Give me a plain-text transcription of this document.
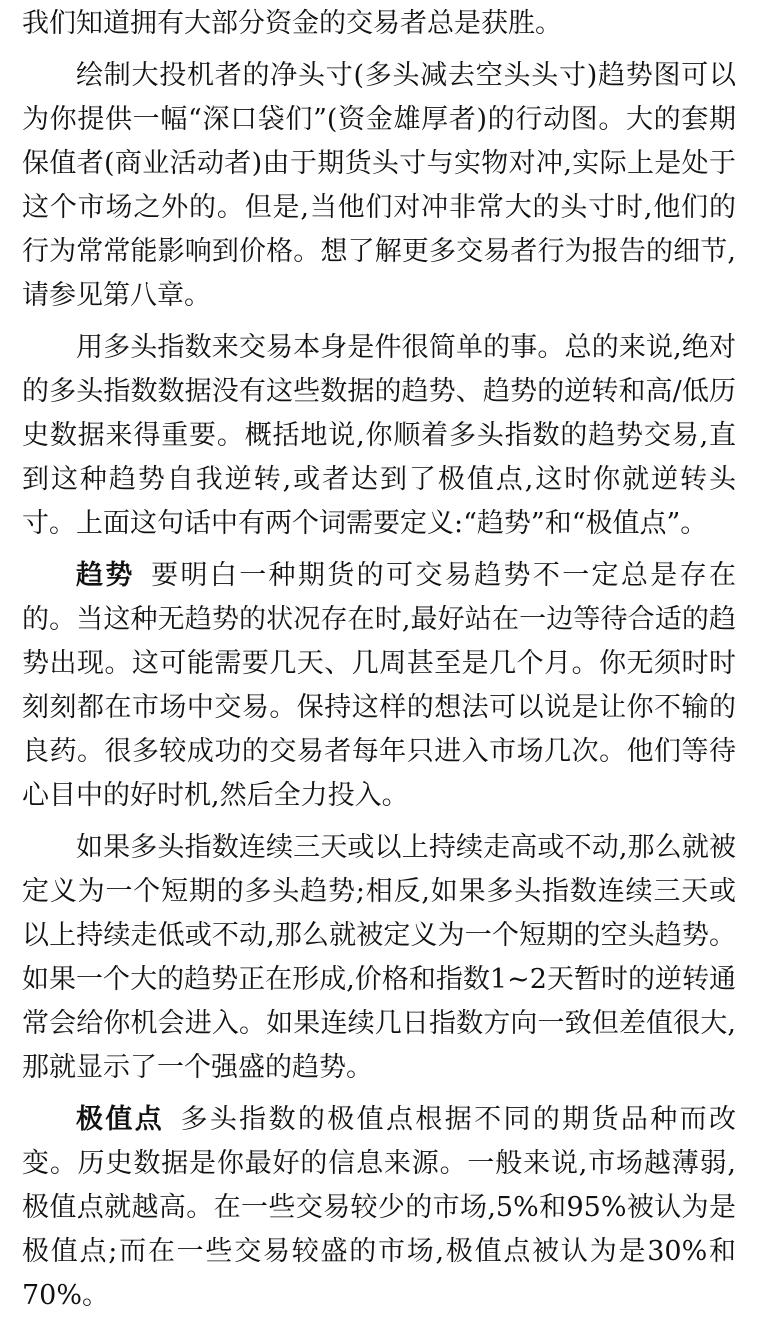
我们知道拥有大部分资金的交易者总是获胜。

绘制大投机者的净头寸(多头减去空头头寸)趋势图可以为你提供一幅“深口袋们”(资金雄厚者)的行动图。大的套期保值者(商业活动者)由于期货头寸与实物对冲,实际上是处于这个市场之外的。但是,当他们对冲非常大的头寸时,他们的行为常常能影响到价格。想了解更多交易者行为报告的细节,请参见第八章。

用多头指数来交易本身是件很简单的事。总的来说,绝对的多头指数数据没有这些数据的趋势、趋势的逆转和高/低历史数据来得重要。概括地说,你顺着多头指数的趋势交易,直到这种趋势自我逆转,或者达到了极值点,这时你就逆转头寸。上面这句话中有两个词需要定义:“趋势”和“极值点”。

趋势 要明白一种期货的可交易趋势不一定总是存在的。当这种无趋势的状况存在时,最好站在一边等待合适的趋势出现。这可能需要几天、几周甚至是几个月。你无须时时刻刻都在市场中交易。保持这样的想法可以说是让你不输的良药。很多较成功的交易者每年只进入市场几次。他们等待心目中的好时机,然后全力投入。

如果多头指数连续三天或以上持续走高或不动,那么就被定义为一个短期的多头趋势;相反,如果多头指数连续三天或以上持续走低或不动,那么就被定义为一个短期的空头趋势。如果一个大的趋势正在形成,价格和指数1~2天暂时的逆转通常会给你机会进入。如果连续几日指数方向一致但差值很大,那就显示了一个强盛的趋势。

极值点 多头指数的极值点根据不同的期货品种而改变。历史数据是你最好的信息来源。一般来说,市场越薄弱,极值点就越高。在一些交易较少的市场,5%和95%被认为是极值点;而在一些交易较盛的市场,极值点被认为是30%和70%。
